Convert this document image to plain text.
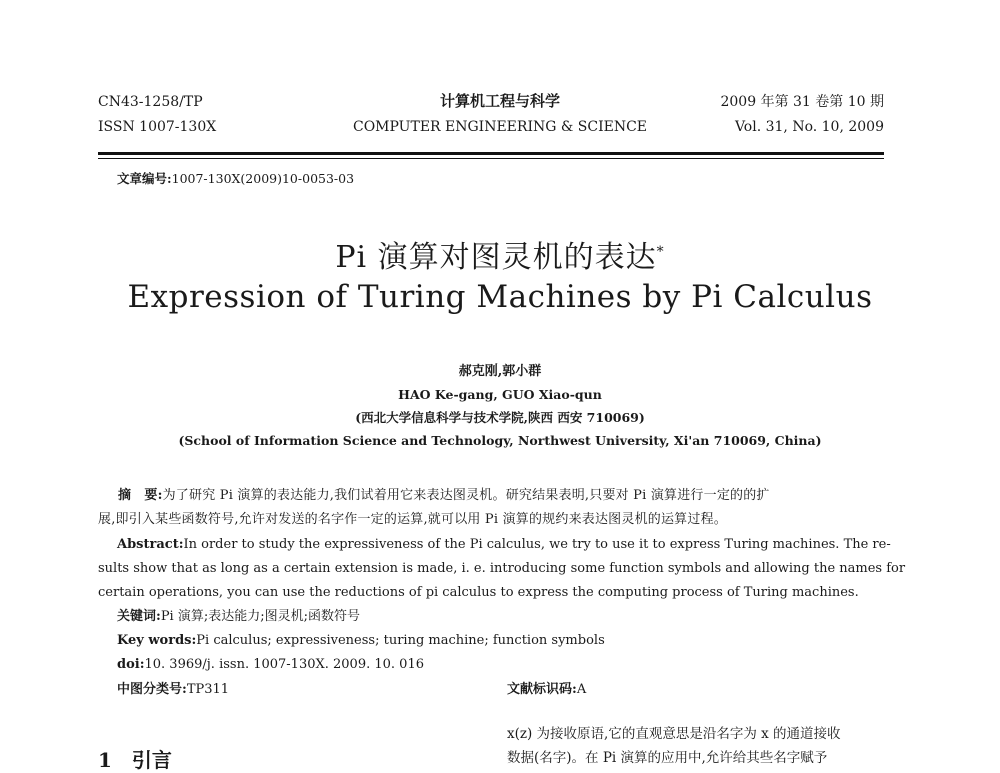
CN43-1258/TP
ISSN 1007-130X
计算机工程与科学
COMPUTER ENGINEERING & SCIENCE
2009 年第 31 卷第 10 期
Vol. 31, No. 10, 2009
文章编号:1007-130X(2009)10-0053-03
Pi 演算对图灵机的表达*
Expression of Turing Machines by Pi Calculus
郝克刚,郭小群
HAO Ke-gang, GUO Xiao-qun
(西北大学信息科学与技术学院,陕西 西安 710069)
(School of Information Science and Technology, Northwest University, Xi'an 710069, China)
摘　要:为了研究 Pi 演算的表达能力,我们试着用它来表达图灵机。研究结果表明,只要对 Pi 演算进行一定的的扩
展,即引入某些函数符号,允许对发送的名字作一定的运算,就可以用 Pi 演算的规约来表达图灵机的运算过程。
Abstract:In order to study the expressiveness of the Pi calculus, we try to use it to express Turing machines. The re-
sults show that as long as a certain extension is made, i. e. introducing some function symbols and allowing the names for
certain operations, you can use the reductions of pi calculus to express the computing process of Turing machines.
关键词:Pi 演算;表达能力;图灵机;函数符号
Key words:Pi calculus; expressiveness; turing machine; function symbols
doi:10. 3969/j. issn. 1007-130X. 2009. 10. 016
中图分类号:TP311	文献标识码:A
1 引言
x(z) 为接收原语,它的直观意思是沿名字为 x 的通道接收
数据(名字)。在 Pi 演算的应用中,允许给其些名字赋予
